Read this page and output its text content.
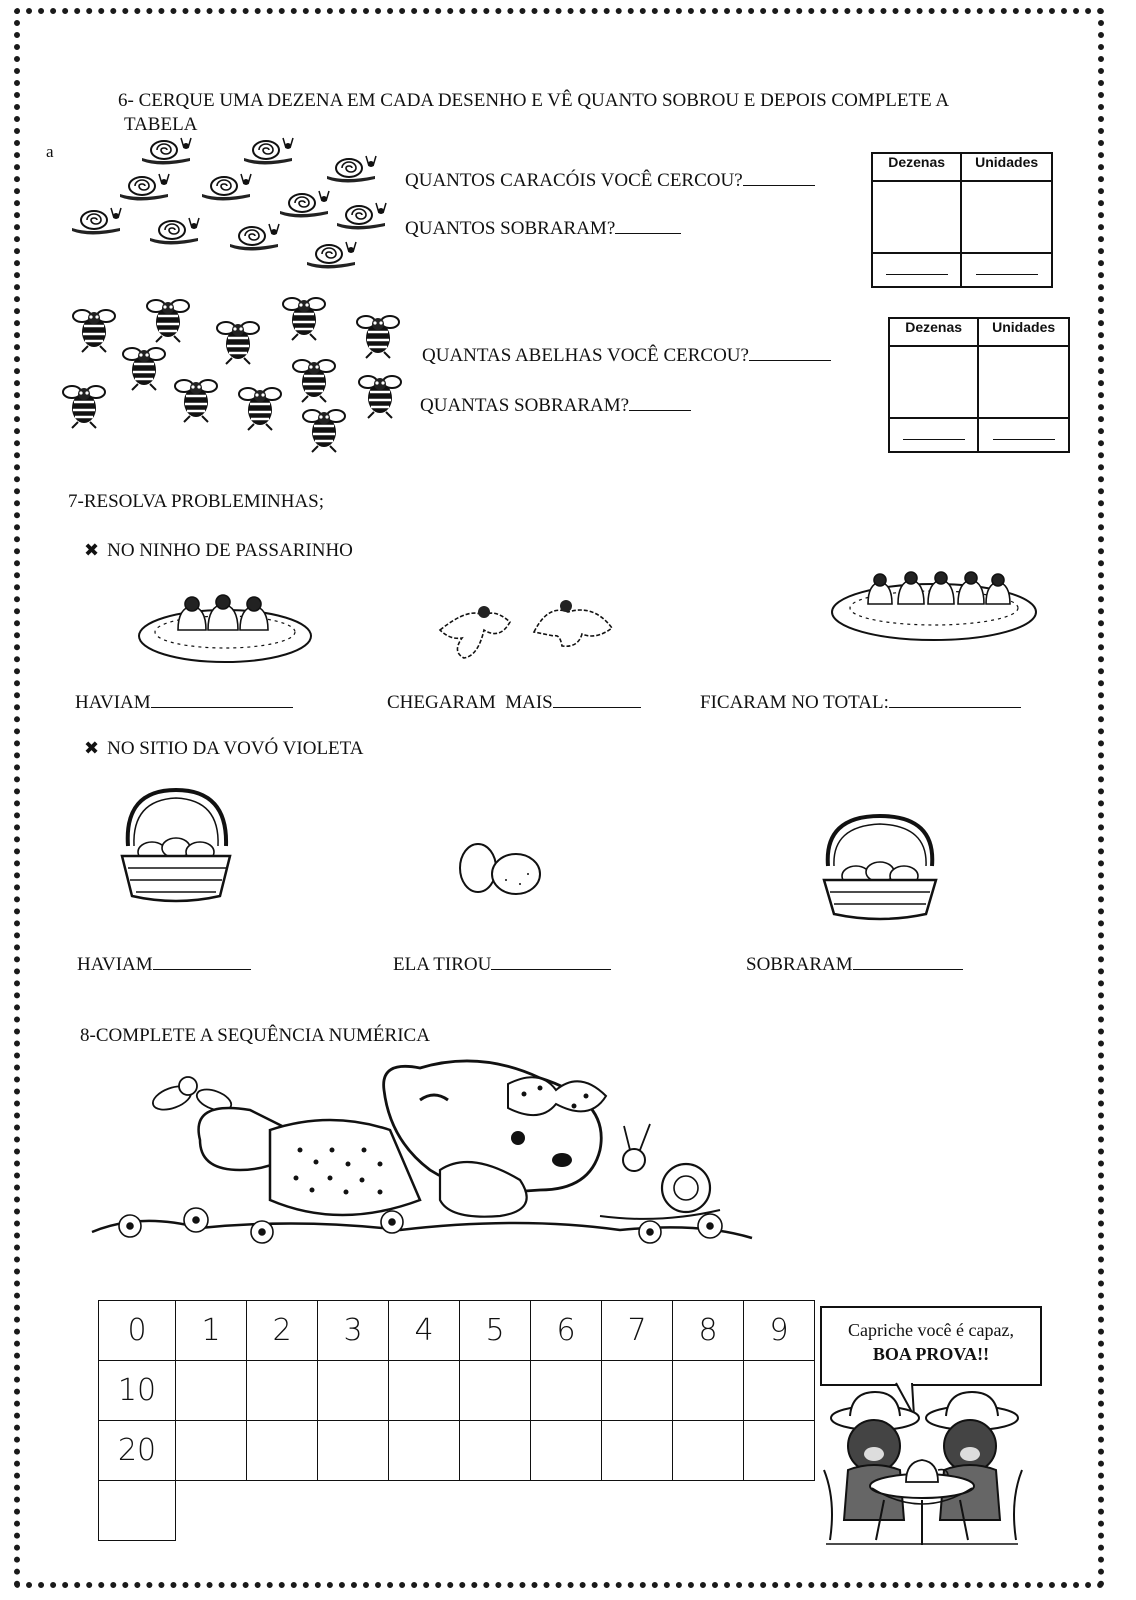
6- CERQUE UMA DEZENA EM CADA DESENHO E VÊ QUANTO SOBROU E DEPOIS COMPLETE A
TABELA
a
QUANTOS CARACÓIS VOCÊ CERCOU?
QUANTOS SOBRARAM?
Dezenas	Unidades

QUANTAS ABELHAS VOCÊ CERCOU?
QUANTAS SOBRARAM?
Dezenas	Unidades

7-RESOLVA PROBLEMINHAS;
✖ NO NINHO DE PASSARINHO
HAVIAM	CHEGARAM  MAIS	FICARAM NO TOTAL:
✖ NO SITIO DA VOVÓ VIOLETA
HAVIAM	ELA TIROU	SOBRARAM
8-COMPLETE A SEQUÊNCIA NUMÉRICA
0	1	2	3	4	5	6	7	8	9
10									
20									

Capriche você é capaz,
BOA PROVA!!
